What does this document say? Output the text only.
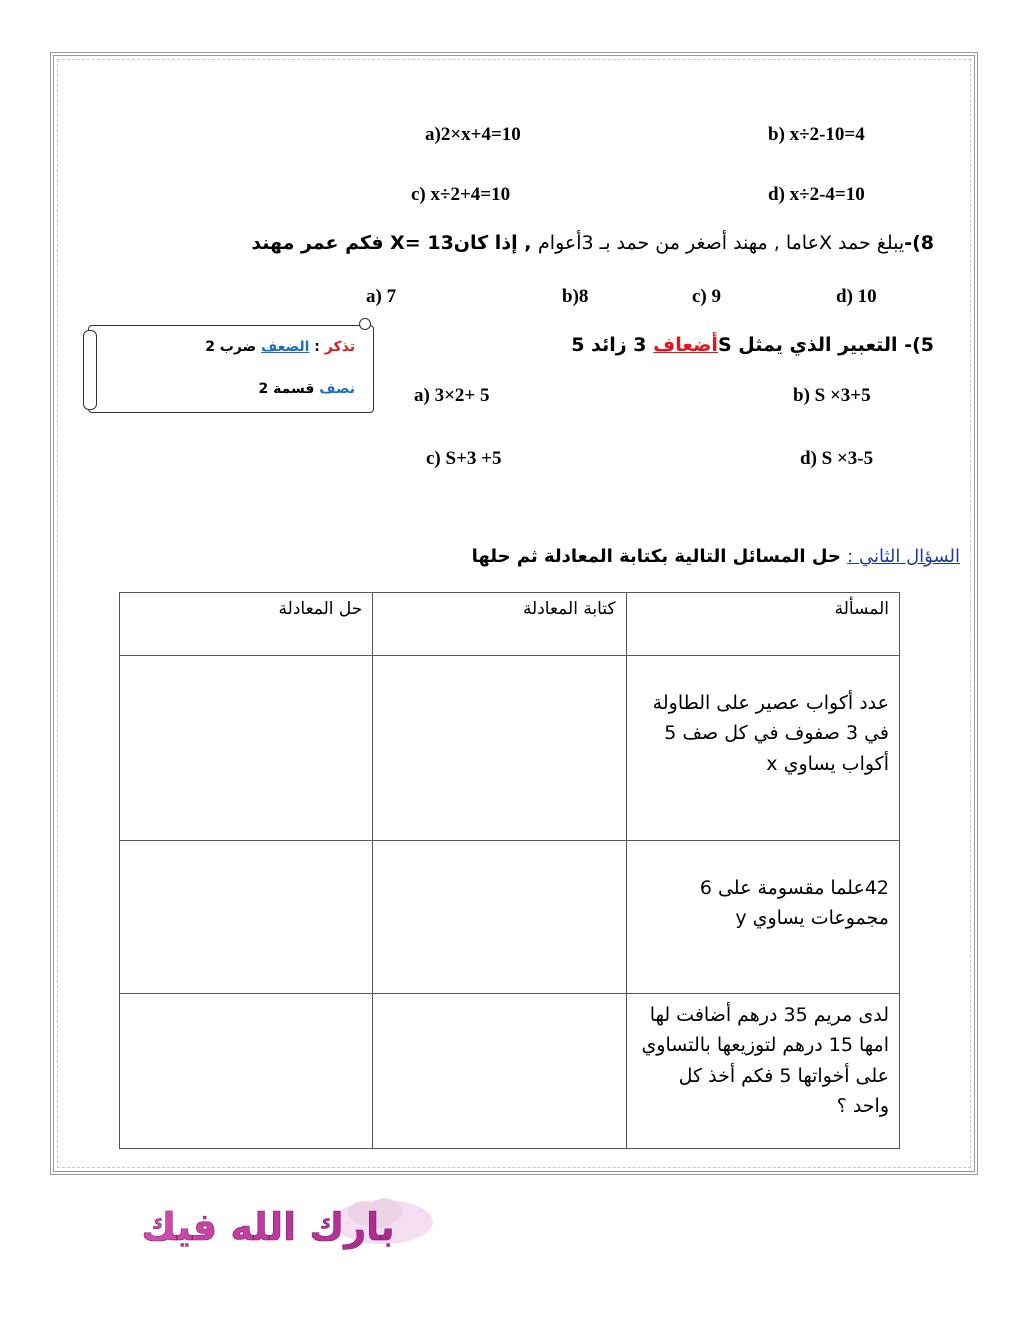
a)2×x+4=10	b) x÷2-10=4
c) x÷2+4=10	d) x÷2-4=10
8)-يبلغ حمد Xعاما , مهند أصغر من حمد بـ 3أعوام , إذا كان13 =X فكم عمر مهند
a) 7	b)8	c) 9	d) 10
5)- التعبير الذي يمثل Sأضعاف 3 زائد 5
تذكر : الضعف ضرب 2
نصف قسمة 2	a) 3×2+ 5	b) S ×3+5
c) S+3 +5	d) S ×3-5
السؤال الثاني : حل المسائل التالية بكتابة المعادلة ثم حلها
المسألة	كتابة المعادلة	حل المعادلة
عدد أكواب عصير على الطاولة في 3 صفوف في كل صف 5 أكواب يساوي x		
42علما مقسومة على 6 مجموعات يساوي y		
لدى مريم 35 درهم أضافت لها امها 15 درهم لتوزيعها بالتساوي على أخواتها 5 فكم أخذ كل واحد ؟		
بارك الله فيك
